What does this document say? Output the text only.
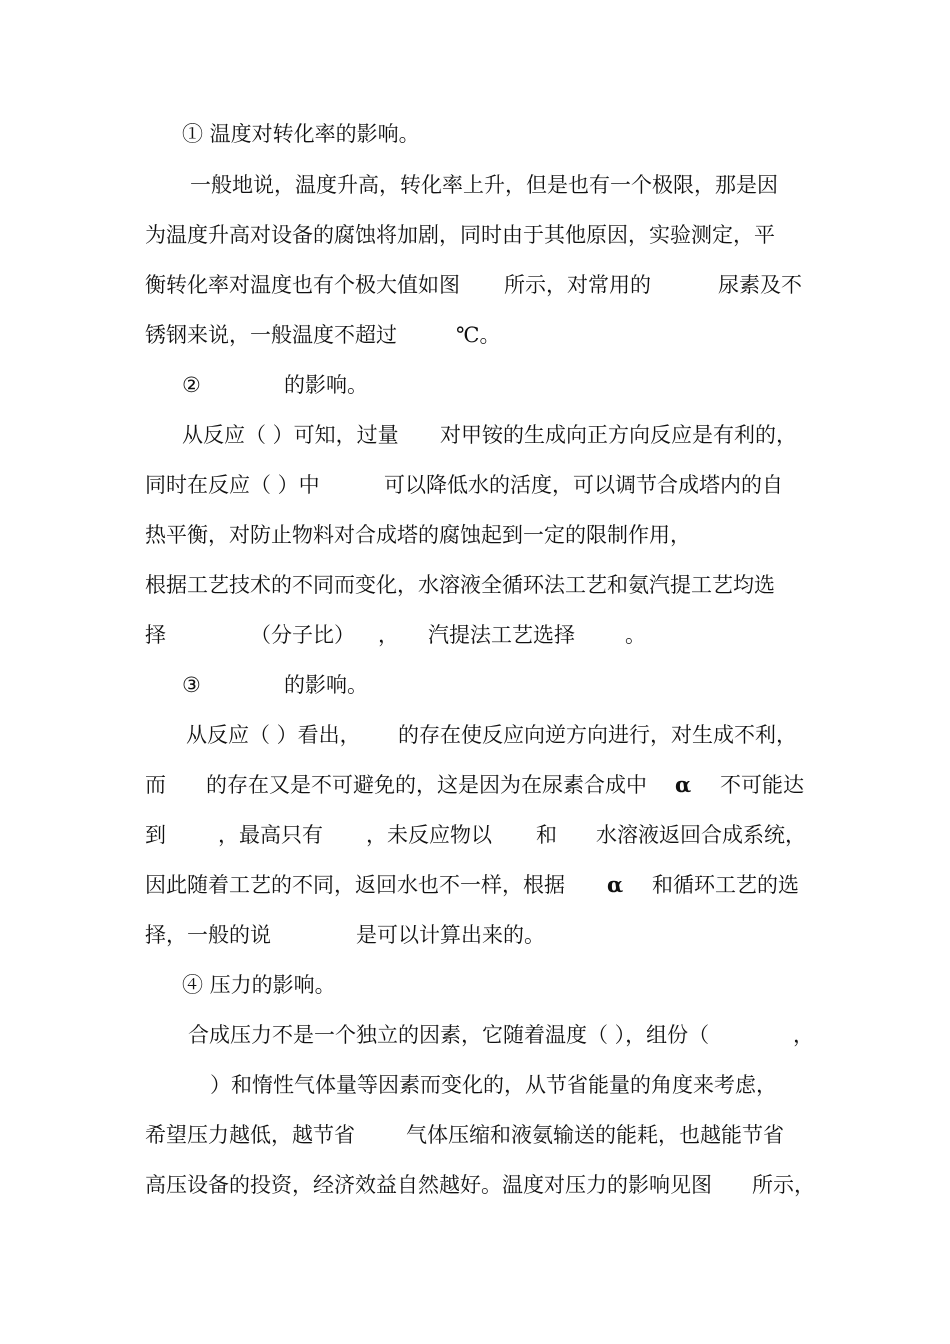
① 温度对转化率的影响。

一般地说，温度升高，转化率上升，但是也有一个极限，那是因

为温度升高对设备的腐蚀将加剧，同时由于其他原因，实验测定，平

衡转化率对温度也有个极大值如图

所示，对常用的

	尿素及不

锈钢来说，一般温度不超过

	℃。

②

	的影响。

从反应（ ）可知，过量

对甲铵的生成向正方向反应是有利的，

同时在反应（ ）中

	可以降低水的活度，可以调节合成塔内的自

热平衡，对防止物料对合成塔的腐蚀起到一定的限制作用，

根据工艺技术的不同而变化，水溶液全循环法工艺和氨汽提工艺均选

择

	（分子比）

，

汽提法工艺选择

。

③

	的影响。

从反应（ ）看出，

的存在使反应向逆方向进行，对生成不利，

而

的存在又是不可避免的，这是因为在尿素合成中

α

不可能达

到

，最高只有

，未反应物以

和

水溶液返回合成系统，

因此随着工艺的不同，返回水也不一样，根据

α

和循环工艺的选

择，一般的说

	是可以计算出来的。

④ 压力的影响。

合成压力不是一个独立的因素，它随着温度（ ），组份（

	，

）和惰性气体量等因素而变化的，从节省能量的角度来考虑，

希望压力越低，越节省

气体压缩和液氨输送的能耗，也越能节省

高压设备的投资，经济效益自然越好。温度对压力的影响见图

所示，
